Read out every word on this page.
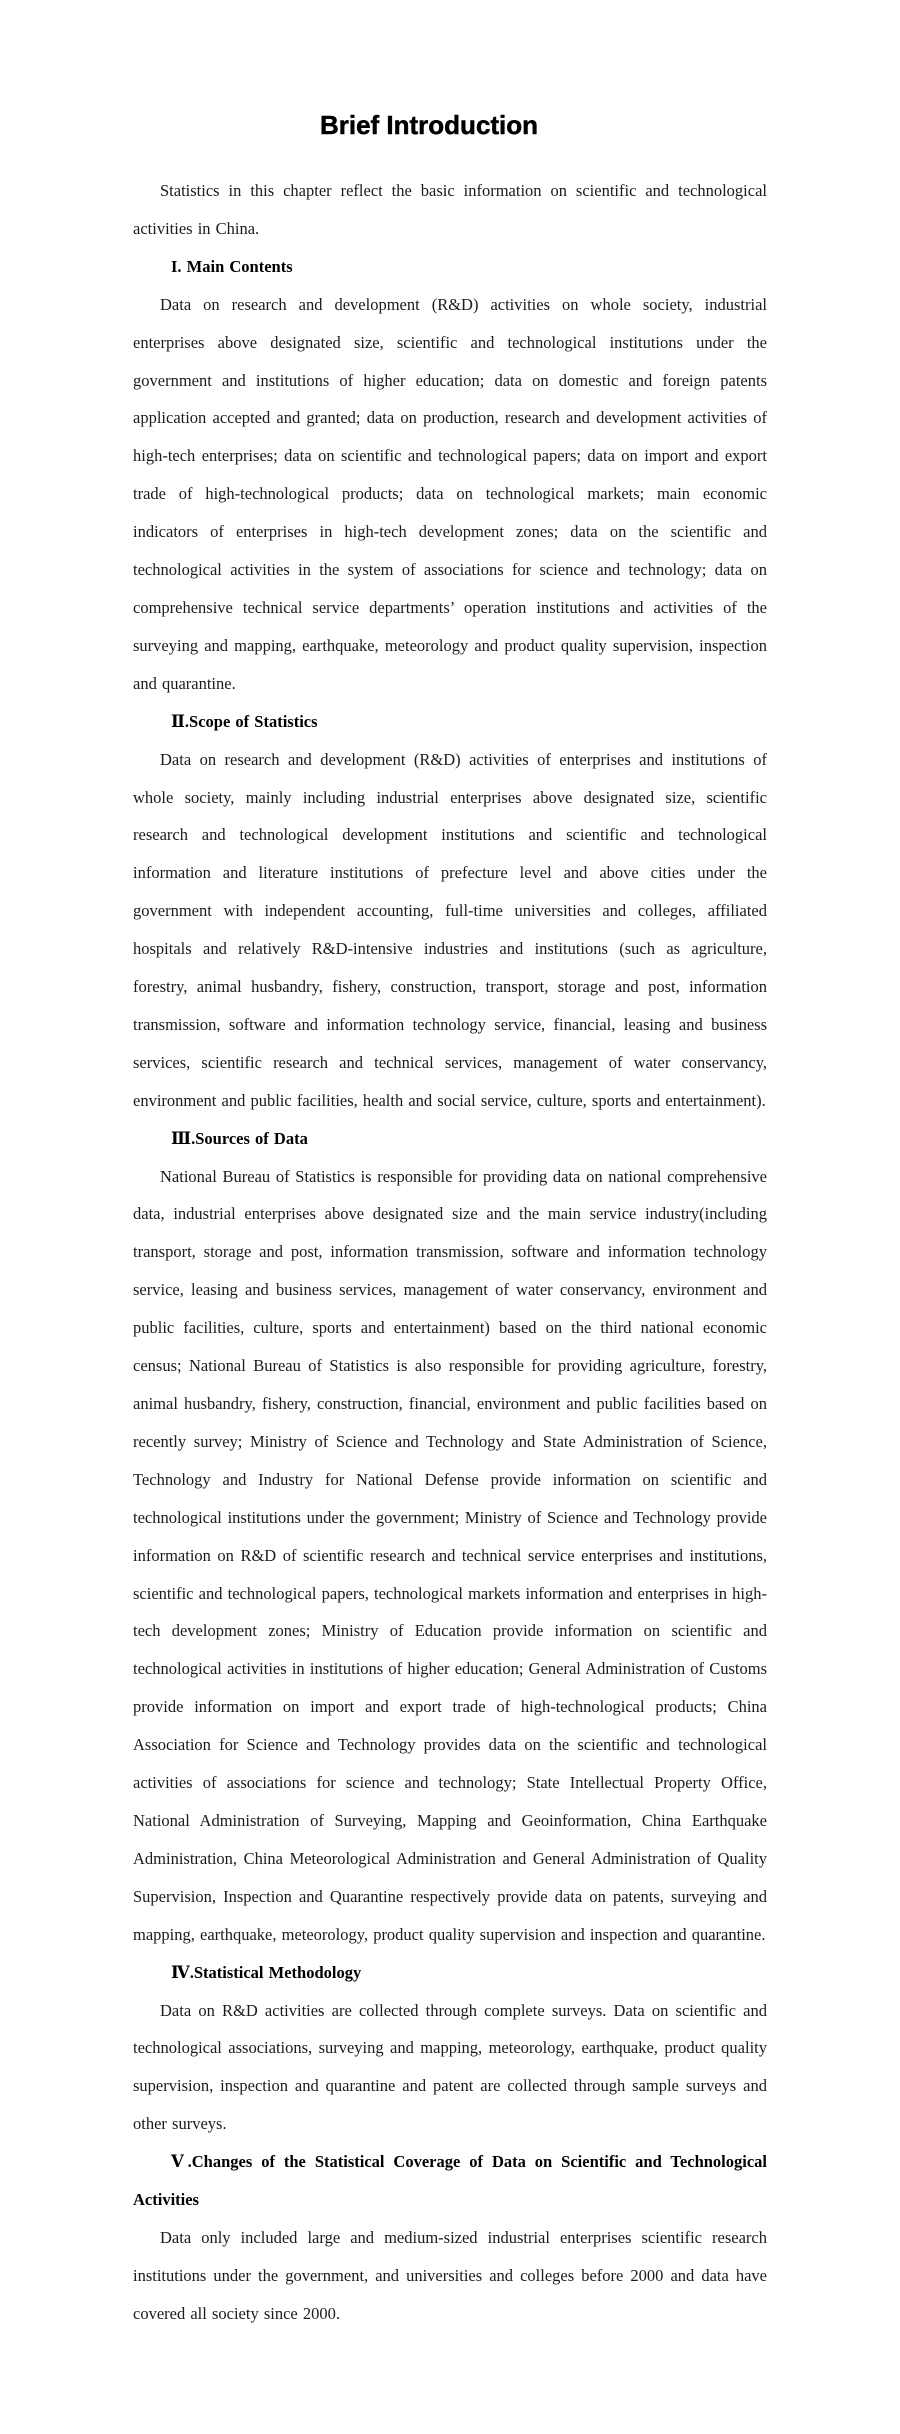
Brief Introduction

Statistics in this chapter reflect the basic information on scientific and technological activities in China.

I. Main Contents

Data on research and development (R&D) activities on whole society, industrial enterprises above designated size, scientific and technological institutions under the government and institutions of higher education; data on domestic and foreign patents application accepted and granted; data on production, research and development activities of high-tech enterprises; data on scientific and technological papers; data on import and export trade of high-technological products; data on technological markets; main economic indicators of enterprises in high-tech development zones; data on the scientific and technological activities in the system of associations for science and technology; data on comprehensive technical service departments’ operation institutions and activities of the surveying and mapping, earthquake, meteorology and product quality supervision, inspection and quarantine.

Ⅱ.Scope of Statistics

Data on research and development (R&D) activities of enterprises and institutions of whole society, mainly including industrial enterprises above designated size, scientific research and technological development institutions and scientific and technological information and literature institutions of prefecture level and above cities under the government with independent accounting, full-time universities and colleges, affiliated hospitals and relatively R&D-intensive industries and institutions (such as agriculture, forestry, animal husbandry, fishery, construction, transport, storage and post, information transmission, software and information technology service, financial, leasing and business services, scientific research and technical services, management of water conservancy, environment and public facilities, health and social service, culture, sports and entertainment).

Ⅲ.Sources of Data

National Bureau of Statistics is responsible for providing data on national comprehensive data, industrial enterprises above designated size and the main service industry(including transport, storage and post, information transmission, software and information technology service, leasing and business services, management of water conservancy, environment and public facilities, culture, sports and entertainment) based on the third national economic census; National Bureau of Statistics is also responsible for providing agriculture, forestry, animal husbandry, fishery, construction, financial, environment and public facilities based on recently survey; Ministry of Science and Technology and State Administration of Science, Technology and Industry for National Defense provide information on scientific and technological institutions under the government; Ministry of Science and Technology provide information on R&D of scientific research and technical service enterprises and institutions, scientific and technological papers, technological markets information and enterprises in high-tech development zones; Ministry of Education provide information on scientific and technological activities in institutions of higher education; General Administration of Customs provide information on import and export trade of high-technological products; China Association for Science and Technology provides data on the scientific and technological activities of associations for science and technology; State Intellectual Property Office, National Administration of Surveying, Mapping and Geoinformation, China Earthquake Administration, China Meteorological Administration and General Administration of Quality Supervision, Inspection and Quarantine respectively provide data on patents, surveying and mapping, earthquake, meteorology, product quality supervision and inspection and quarantine.

Ⅳ.Statistical Methodology

Data on R&D activities are collected through complete surveys. Data on scientific and technological associations, surveying and mapping, meteorology, earthquake, product quality supervision, inspection and quarantine and patent are collected through sample surveys and other surveys.

Ⅴ.Changes of the Statistical Coverage of Data on Scientific and Technological Activities

Data only included large and medium-sized industrial enterprises scientific research institutions under the government, and universities and colleges before 2000 and data have covered all society since 2000.
